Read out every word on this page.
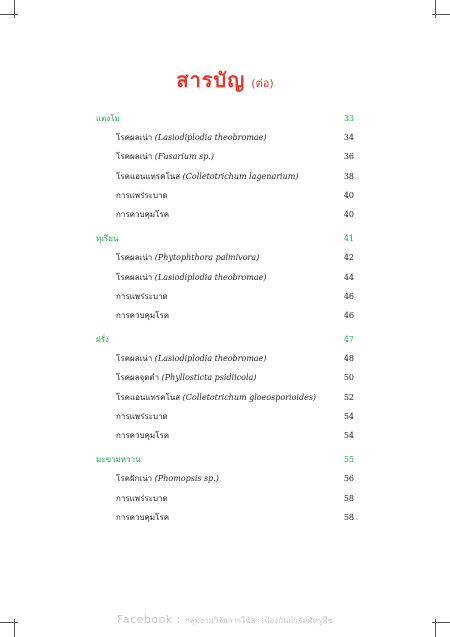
สารบัญ (ต่อ)
แตงโม	33
โรคผลเน่า (Lasiodiplodia theobromae)	34
โรคผลเน่า (Fusarium sp.)	36
โรคแอนแทรคโนส (Colletotrichum lagenarium)	38
การแพร่ระบาด	40
การควบคุมโรค	40
ทุเรียน	41
โรคผลเน่า (Phytophthora palmivora)	42
โรคผลเน่า (Lasiodiplodia theobromae)	44
การแพร่ระบาด	46
การควบคุมโรค	46
ฝรั่ง	47
โรคผลเน่า (Lasiodiplodia theobromae)	48
โรคผลจุดดำ (Phyllosticta psidiicola)	50
โรคแอนแทรคโนส (Colletotrichum gloeosporioides)	52
การแพร่ระบาด	54
การควบคุมโรค	54
มะขามหวาน	55
โรคฝักเน่า (Phomopsis sp.)	56
การแพร่ระบาด	58
การควบคุมโรค	58
Facebook : กลุ่มงานวิจัยการใช้สารป้องกันกำจัดศัตรูพืช
